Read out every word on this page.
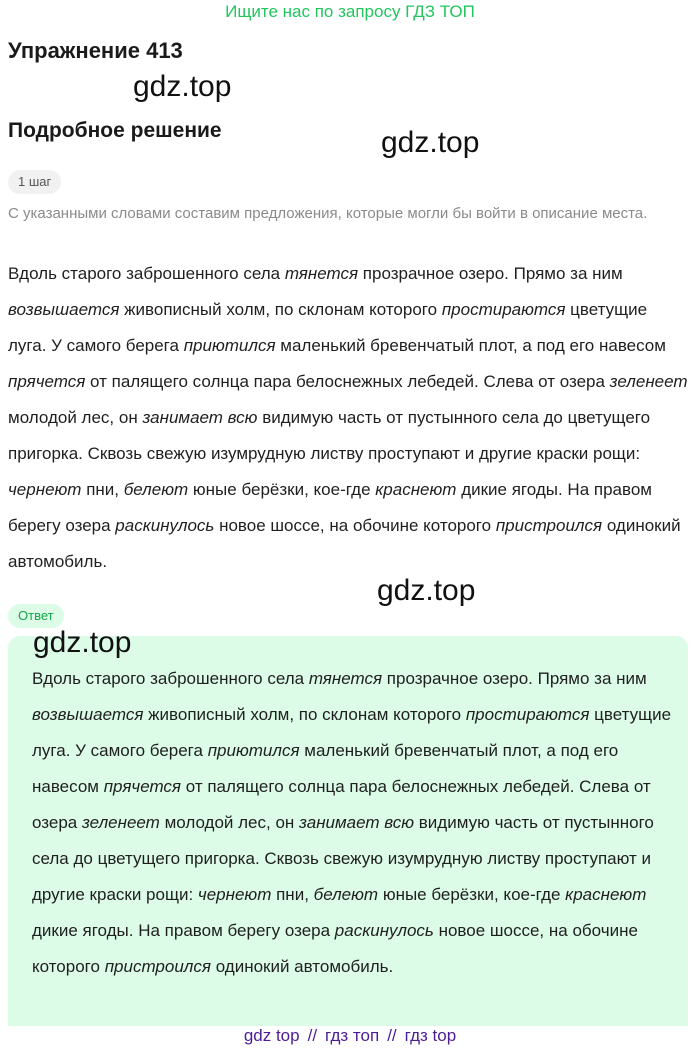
Ищите нас по запросу ГДЗ ТОП
Упражнение 413
gdz.top
Подробное решение	gdz.top
1 шаг
С указанными словами составим предложения, которые могли бы войти в описание места.
Вдоль старого заброшенного села тянется прозрачное озеро. Прямо за ним возвышается живописный холм, по склонам которого простираются цветущие луга. У самого берега приютился маленький бревенчатый плот, а под его навесом прячется от палящего солнца пара белоснежных лебедей. Слева от озера зеленеет молодой лес, он занимает всю видимую часть от пустынного села до цветущего пригорка. Сквозь свежую изумрудную листву проступают и другие краски рощи: чернеют пни, белеют юные берёзки, кое-где краснеют дикие ягоды. На правом берегу озера раскинулось новое шоссе, на обочине которого пристроился одинокий автомобиль.
gdz.top
Ответ
gdz.top
Вдоль старого заброшенного села тянется прозрачное озеро. Прямо за ним возвышается живописный холм, по склонам которого простираются цветущие луга. У самого берега приютился маленький бревенчатый плот, а под его навесом прячется от палящего солнца пара белоснежных лебедей. Слева от озера зеленеет молодой лес, он занимает всю видимую часть от пустынного села до цветущего пригорка. Сквозь свежую изумрудную листву проступают и другие краски рощи: чернеют пни, белеют юные берёзки, кое-где краснеют дикие ягоды. На правом берегу озера раскинулось новое шоссе, на обочине которого пристроился одинокий автомобиль.
gdz top // гдз топ // гдз top
